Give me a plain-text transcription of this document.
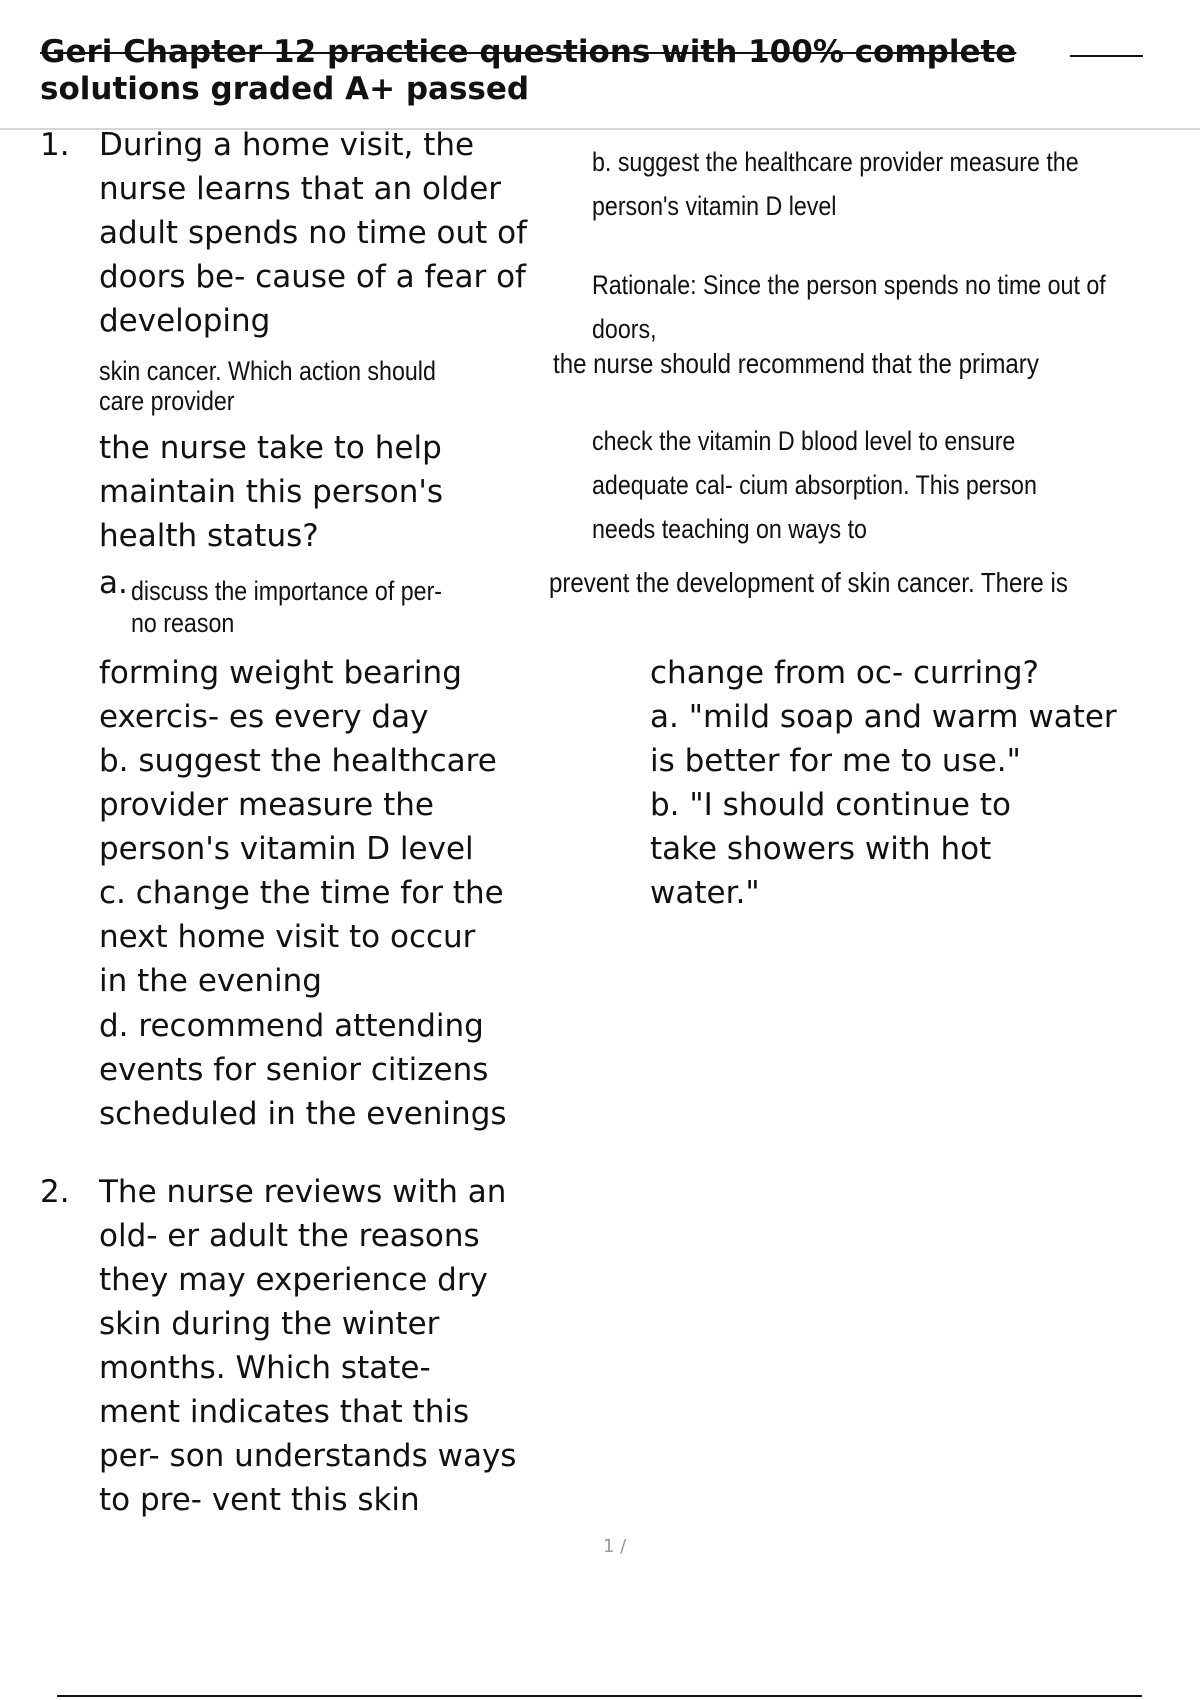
Geri Chapter 12 practice questions with 100% complete
solutions graded A+ passed
1. During a home visit, the
nurse learns that an older
adult spends no time out of
doors be- cause of a fear of
developing
skin cancer. Which action should
care provider
the nurse take to help
maintain this person's
health status?
b. suggest the healthcare provider measure the
person's vitamin D level
Rationale: Since the person spends no time out of
doors,
the nurse should recommend that the primary
check the vitamin D blood level to ensure
adequate cal- cium absorption. This person
needs teaching on ways to
prevent the development of skin cancer. There is
a. discuss the importance of per-
no reason
forming weight bearing
exercis- es every day
b. suggest the healthcare
provider measure the
person's vitamin D level
c. change the time for the
next home visit to occur
in the evening
d. recommend attending
events for senior citizens
scheduled in the evenings
change from oc- curring?
a. "mild soap and warm water
is better for me to use."
b. "I should continue to
take showers with hot
water."
2. The nurse reviews with an
old- er adult the reasons
they may experience dry
skin during the winter
months. Which state-
ment indicates that this
per- son understands ways
to pre- vent this skin
1 /
